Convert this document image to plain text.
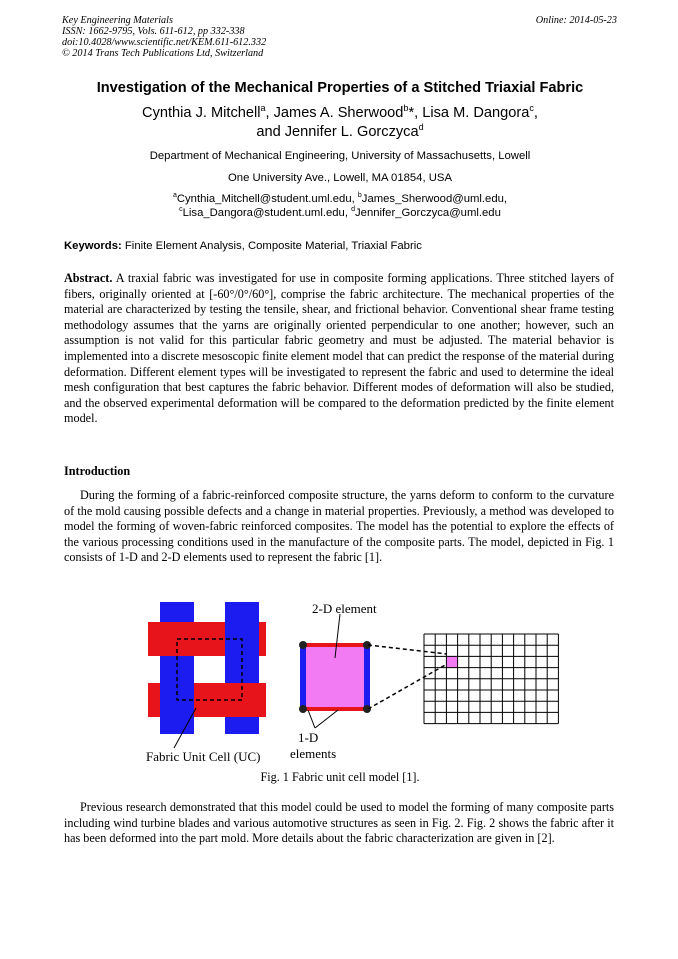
Key Engineering Materials
ISSN: 1662-9795, Vols. 611-612, pp 332-338
doi:10.4028/www.scientific.net/KEM.611-612.332
© 2014 Trans Tech Publications Ltd, Switzerland
Online: 2014-05-23
Investigation of the Mechanical Properties of a Stitched Triaxial Fabric
Cynthia J. Mitchell$^a$, James A. Sherwood$^b$*, Lisa M. Dangora$^c$,
and Jennifer L. Gorczyca$^d$
Department of Mechanical Engineering, University of Massachusetts, Lowell
One University Ave., Lowell, MA 01854, USA
$^a$Cynthia_Mitchell@student.uml.edu, $^b$James_Sherwood@uml.edu,
$^c$Lisa_Dangora@student.uml.edu, $^d$Jennifer_Gorczyca@uml.edu
Keywords: Finite Element Analysis, Composite Material, Triaxial Fabric
Abstract. A traxial fabric was investigated for use in composite forming applications. Three stitched layers of fibers, originally oriented at [-60°/0°/60°], comprise the fabric architecture. The mechanical properties of the material are characterized by testing the tensile, shear, and frictional behavior. Conventional shear frame testing methodology assumes that the yarns are originally oriented perpendicular to one another; however, such an assumption is not valid for this particular fabric geometry and must be adjusted. The material behavior is implemented into a discrete mesoscopic finite element model that can predict the response of the material during deformation. Different element types will be investigated to represent the fabric and used to determine the ideal mesh configuration that best captures the fabric behavior. Different modes of deformation will also be studied, and the observed experimental deformation will be compared to the deformation predicted by the finite element model.
Introduction
During the forming of a fabric-reinforced composite structure, the yarns deform to conform to the curvature of the mold causing possible defects and a change in material properties. Previously, a method was developed to model the forming of woven-fabric reinforced composites. The model has the potential to explore the effects of the various processing conditions used in the manufacture of the composite parts. The model, depicted in Fig. 1 consists of 1-D and 2-D elements used to represent the fabric [1].
Fabric Unit Cell (UC)
2-D element
1-D
elements
Fig. 1 Fabric unit cell model [1].
Previous research demonstrated that this model could be used to model the forming of many composite parts including wind turbine blades and various automotive structures as seen in Fig. 2. Fig. 2 shows the fabric after it has been deformed into the part mold. More details about the fabric characterization are given in [2].
